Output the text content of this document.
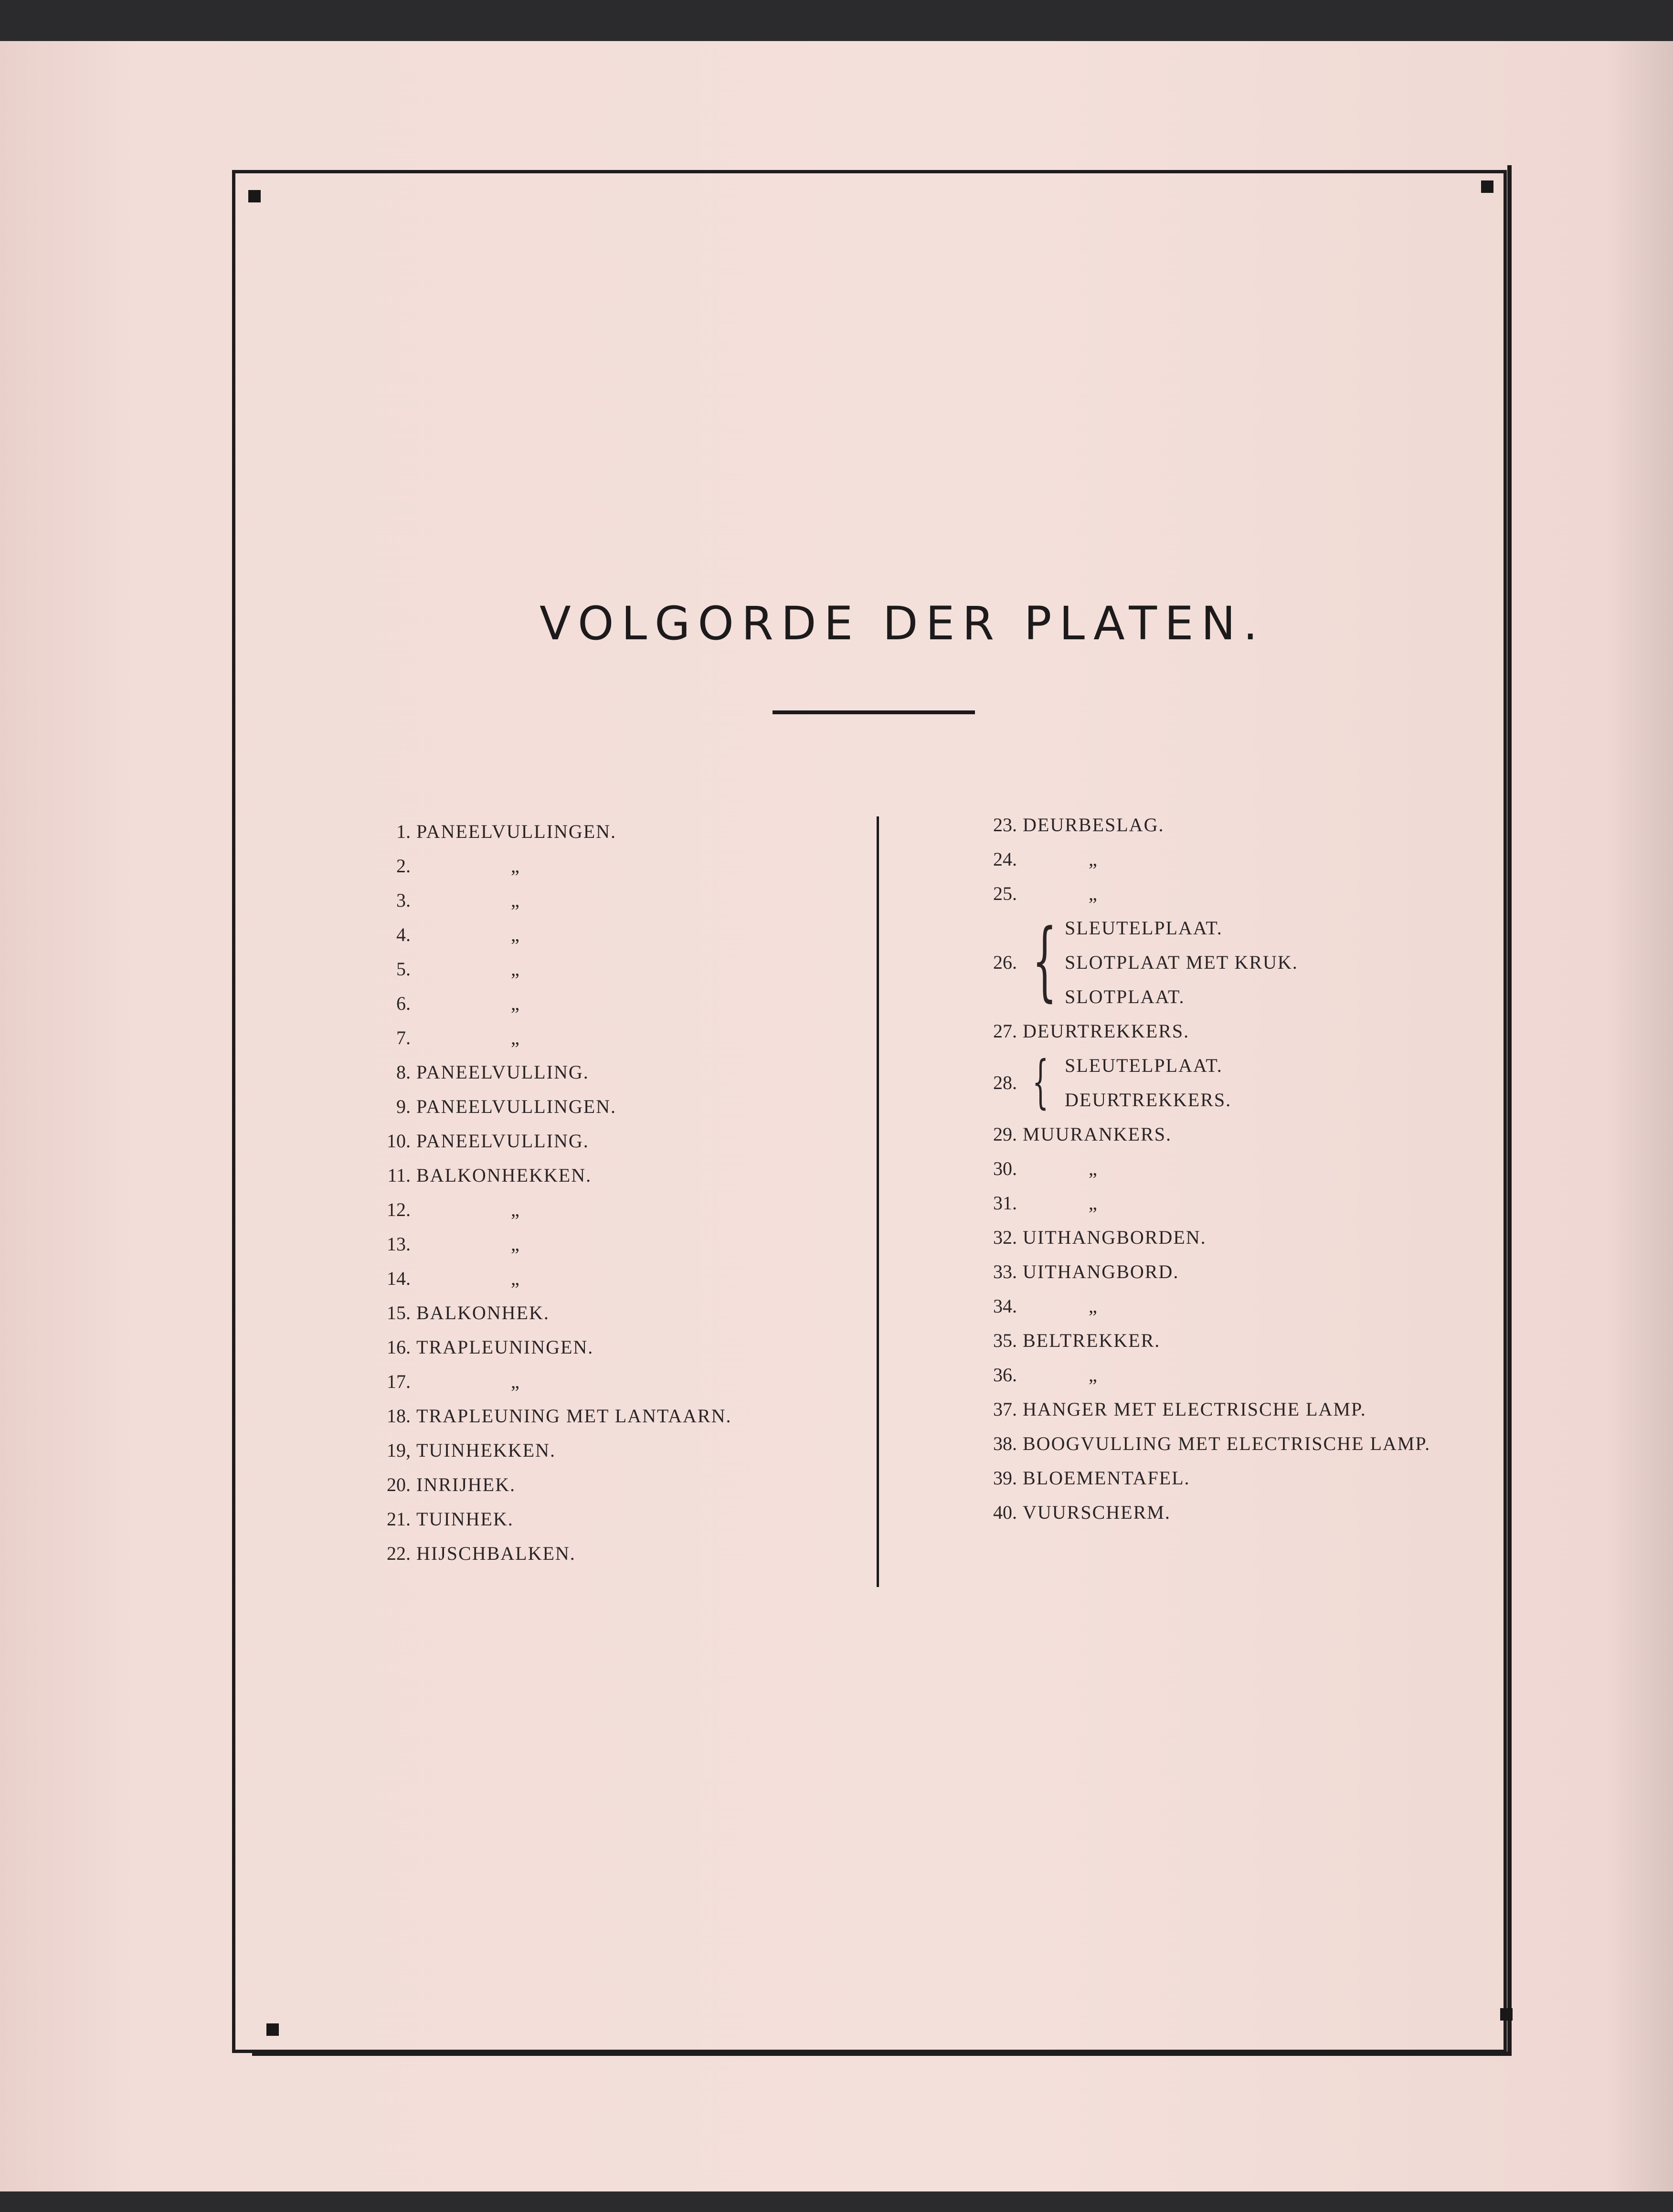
VOLGORDE DER PLATEN.
1. PANEELVULLINGEN.
2.	„
3.	„
4.	„
5.	„
6.	„
7.	„
8. PANEELVULLING.
9. PANEELVULLINGEN.
10. PANEELVULLING.
11. BALKONHEKKEN.
12.	„
13.	„
14.	„
15. BALKONHEK.
16. TRAPLEUNINGEN.
17.	„
18. TRAPLEUNING MET LANTAARN.
19, TUINHEKKEN.
20. INRIJHEK.
21. TUINHEK.
22. HIJSCHBALKEN.
23. DEURBESLAG.
24.	„
25.	„
26. { SLEUTELPLAAT.
SLOTPLAAT MET KRUK.
SLOTPLAAT.
27. DEURTREKKERS.
28. { SLEUTELPLAAT.
DEURTREKKERS.
29. MUURANKERS.
30.	„
31.	„
32. UITHANGBORDEN.
33. UITHANGBORD.
34.	„
35. BELTREKKER.
36.	„
37. HANGER MET ELECTRISCHE LAMP.
38. BOOGVULLING MET ELECTRISCHE LAMP.
39. BLOEMENTAFEL.
40. VUURSCHERM.
